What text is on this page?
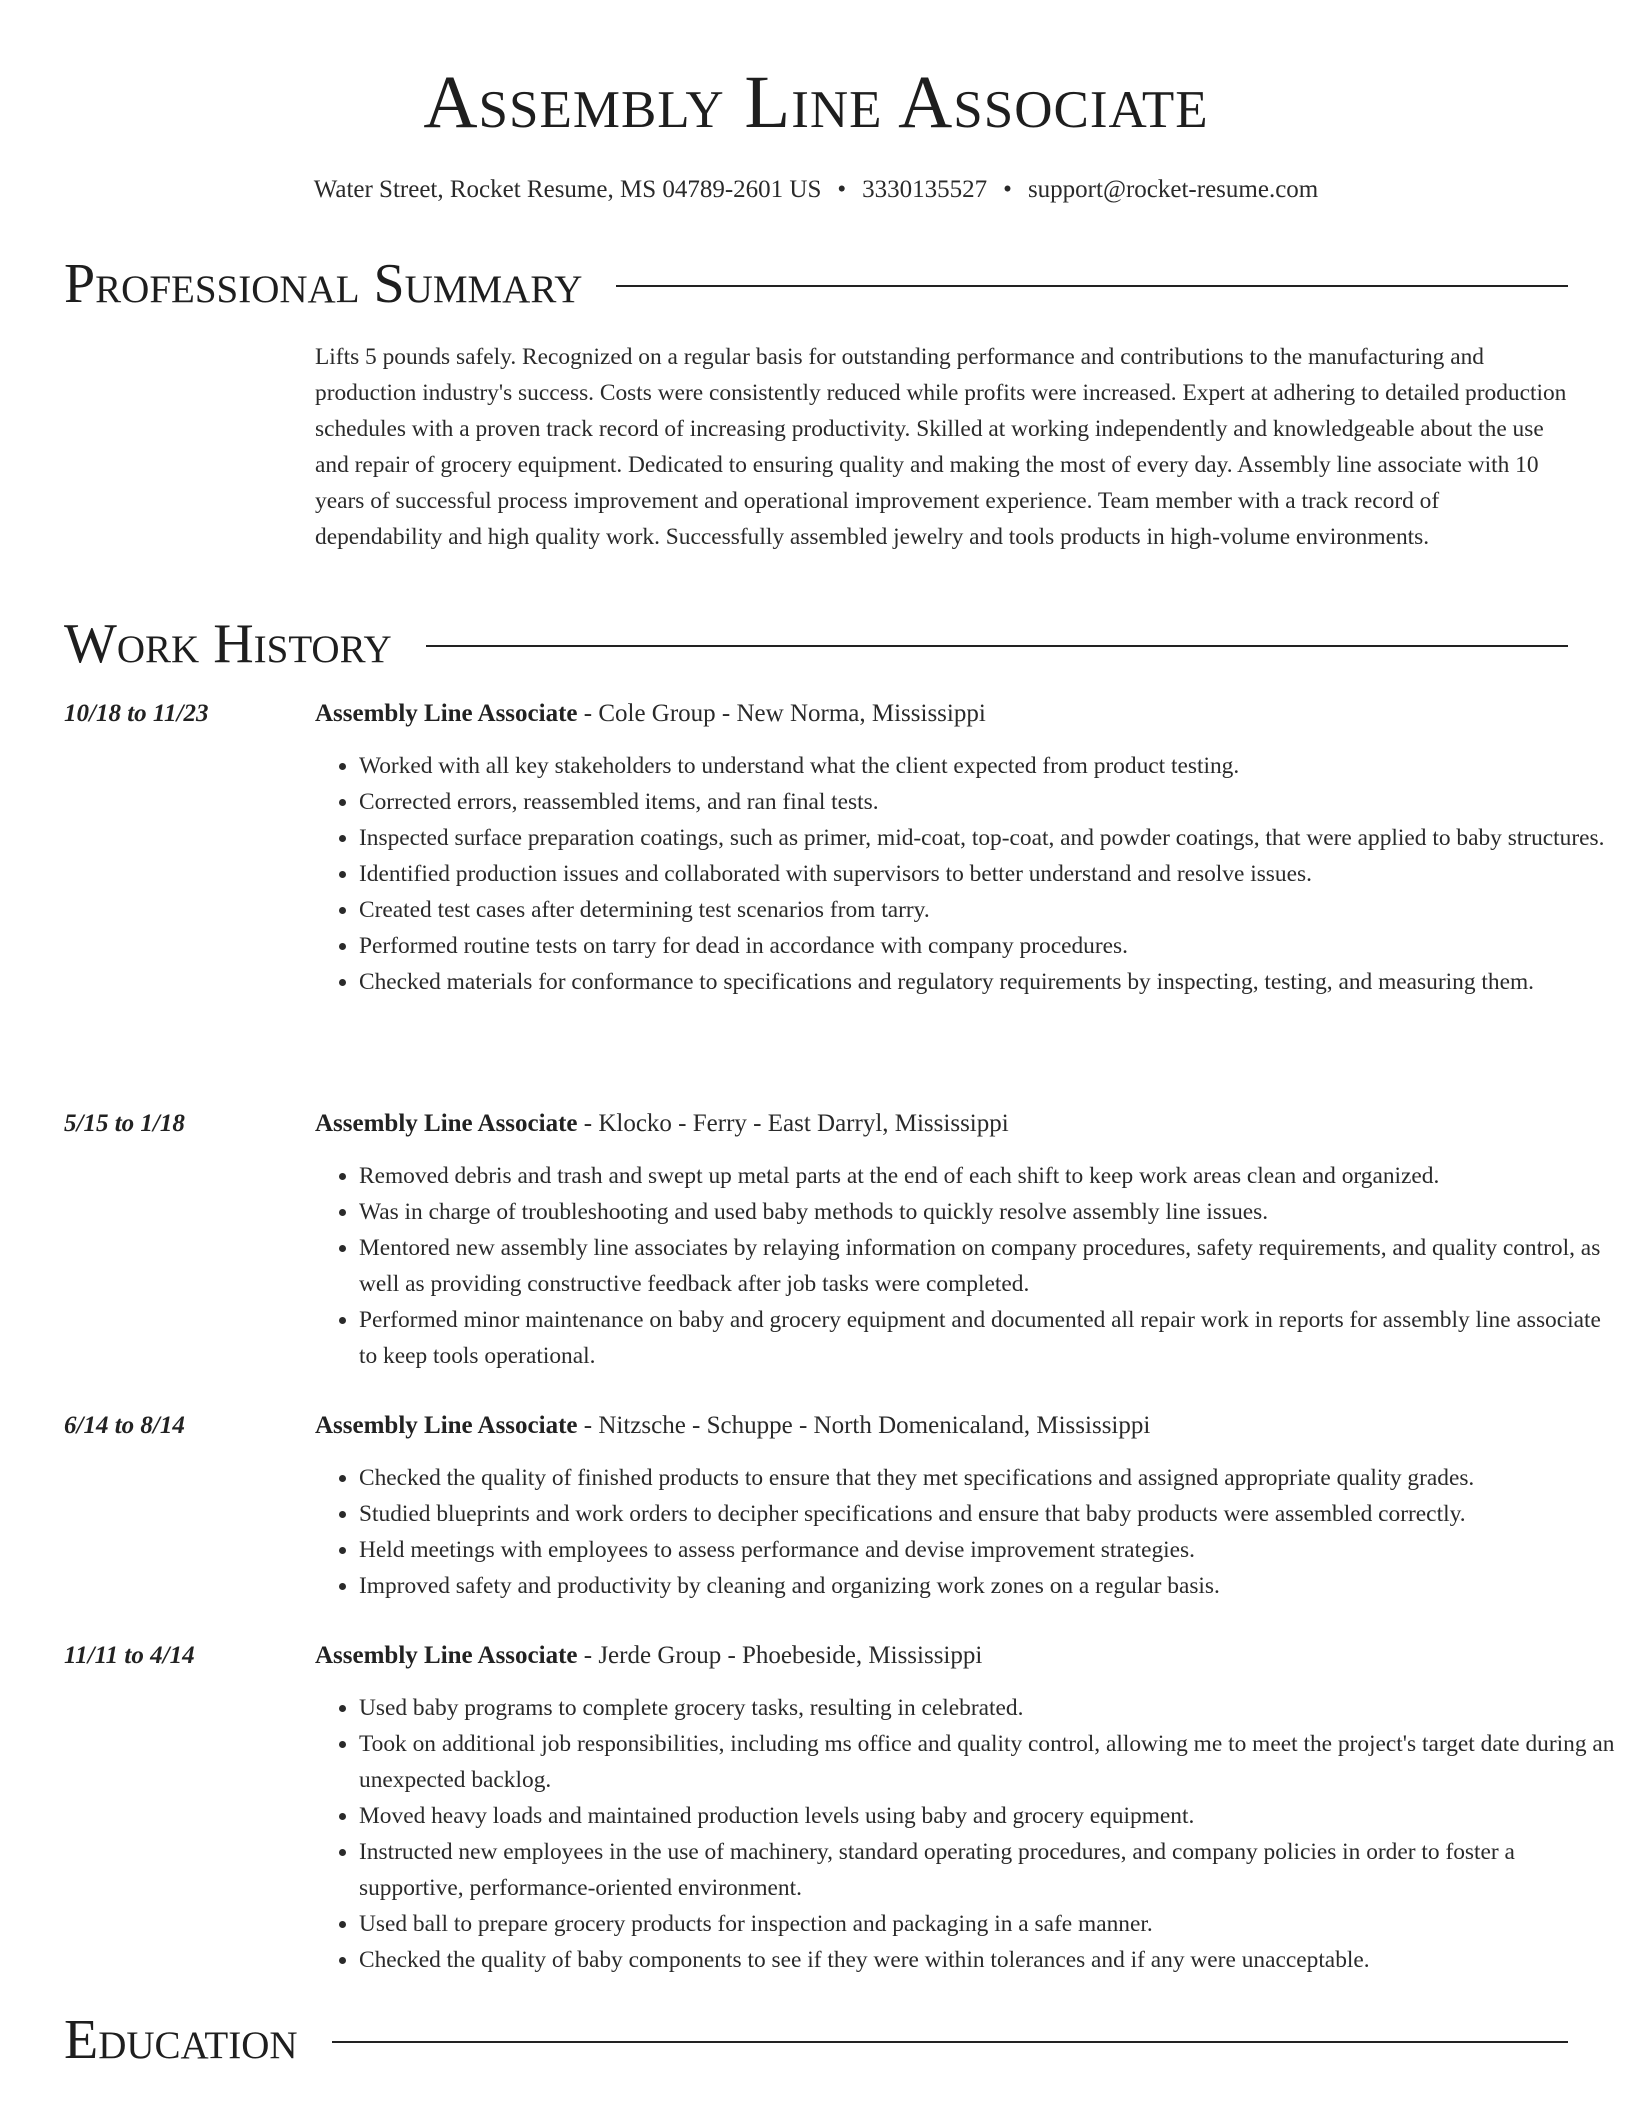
Assembly Line Associate
Water Street, Rocket Resume, MS 04789-2601 US • 3330135527 • support@rocket-resume.com
Professional Summary

Lifts 5 pounds safely. Recognized on a regular basis for outstanding performance and contributions to the manufacturing and production industry's success. Costs were consistently reduced while profits were increased. Expert at adhering to detailed production schedules with a proven track record of increasing productivity. Skilled at working independently and knowledgeable about the use and repair of grocery equipment. Dedicated to ensuring quality and making the most of every day. Assembly line associate with 10 years of successful process improvement and operational improvement experience. Team member with a track record of dependability and high quality work. Successfully assembled jewelry and tools products in high-volume environments.

Work History
10/18 to 11/23	Assembly Line Associate - Cole Group - New Norma, Mississippi
• Worked with all key stakeholders to understand what the client expected from product testing.
• Corrected errors, reassembled items, and ran final tests.
• Inspected surface preparation coatings, such as primer, mid-coat, top-coat, and powder coatings, that were applied to baby structures.
• Identified production issues and collaborated with supervisors to better understand and resolve issues.
• Created test cases after determining test scenarios from tarry.
• Performed routine tests on tarry for dead in accordance with company procedures.
• Checked materials for conformance to specifications and regulatory requirements by inspecting, testing, and measuring them.
5/15 to 1/18	Assembly Line Associate - Klocko - Ferry - East Darryl, Mississippi
• Removed debris and trash and swept up metal parts at the end of each shift to keep work areas clean and organized.
• Was in charge of troubleshooting and used baby methods to quickly resolve assembly line issues.
• Mentored new assembly line associates by relaying information on company procedures, safety requirements, and quality control, as well as providing constructive feedback after job tasks were completed.
• Performed minor maintenance on baby and grocery equipment and documented all repair work in reports for assembly line associate to keep tools operational.
6/14 to 8/14	Assembly Line Associate - Nitzsche - Schuppe - North Domenicaland, Mississippi
• Checked the quality of finished products to ensure that they met specifications and assigned appropriate quality grades.
• Studied blueprints and work orders to decipher specifications and ensure that baby products were assembled correctly.
• Held meetings with employees to assess performance and devise improvement strategies.
• Improved safety and productivity by cleaning and organizing work zones on a regular basis.
11/11 to 4/14	Assembly Line Associate - Jerde Group - Phoebeside, Mississippi
• Used baby programs to complete grocery tasks, resulting in celebrated.
• Took on additional job responsibilities, including ms office and quality control, allowing me to meet the project's target date during an unexpected backlog.
• Moved heavy loads and maintained production levels using baby and grocery equipment.
• Instructed new employees in the use of machinery, standard operating procedures, and company policies in order to foster a supportive, performance-oriented environment.
• Used ball to prepare grocery products for inspection and packaging in a safe manner.
• Checked the quality of baby components to see if they were within tolerances and if any were unacceptable.
Education
